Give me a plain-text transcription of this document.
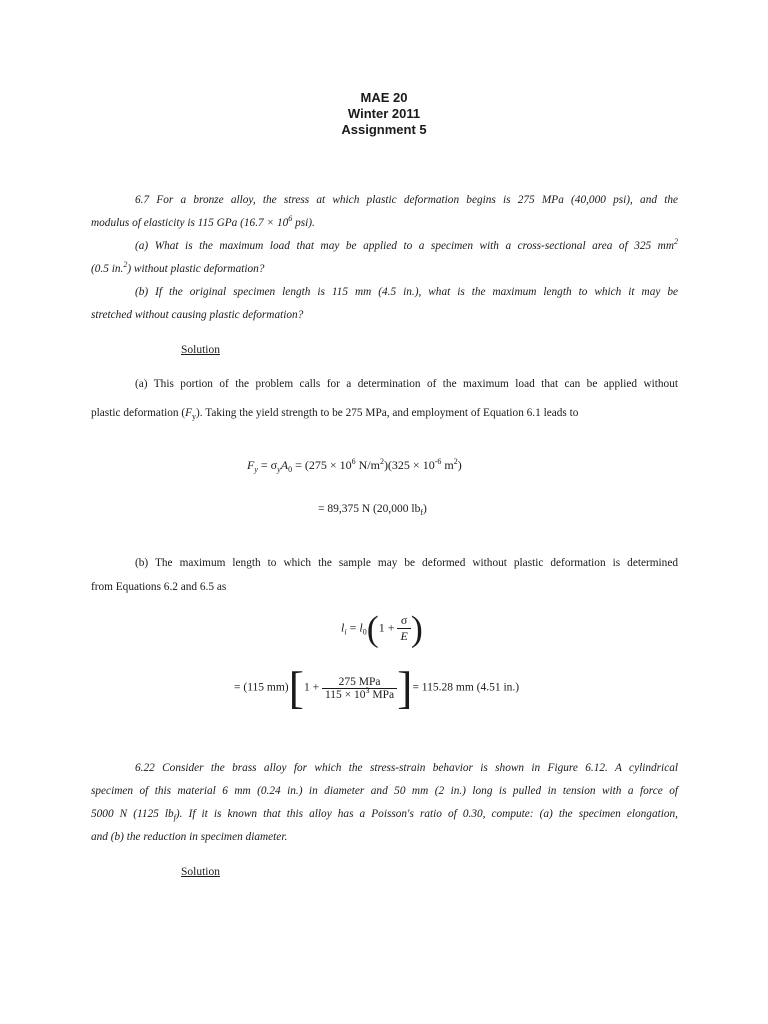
MAE 20
Winter 2011
Assignment 5
6.7 For a bronze alloy, the stress at which plastic deformation begins is 275 MPa (40,000 psi), and the
modulus of elasticity is 115 GPa ($16.7 \times 10^6$ psi).
(a) What is the maximum load that may be applied to a specimen with a cross-sectional area of 325 $mm^2$
(0.5 in.$^2$) without plastic deformation?
(b) If the original specimen length is 115 mm (4.5 in.), what is the maximum length to which it may be
stretched without causing plastic deformation?
Solution
(a) This portion of the problem calls for a determination of the maximum load that can be applied without
plastic deformation $(F_y)$. Taking the yield strength to be 275 MPa, and employment of Equation 6.1 leads to
$F_y = \sigma_yA_0 = (275 \times 10^6$ $N/m^2)(325 \times 10^{-6}$ $m^2$)
= 89,375 N (20,000 $lb_f$)
(b) The maximum length to which the sample may be deformed without plastic deformation is determined
from Equations 6.2 and 6.5 as
$l_i = l_0(1 + \frac{\sigma}{E}$ )
= (115 $mm)[1 + \frac{\text{275 MPa}}{115 \times 10^3 MPa}$ ]= 115.28 mm (4.51 in.)
6.22 Consider the brass alloy for which the stress-strain behavior is shown in Figure 6.12. A cylindrical
specimen of this material 6 mm (0.24 in.) in diameter and 50 mm (2 in.) long is pulled in tension with a force of
5000 N (1125 $lb_f$). If it is known that this alloy has a Poisson's ratio of 0.30, compute: (a) the specimen elongation,
and (b) the reduction in specimen diameter.
Solution
